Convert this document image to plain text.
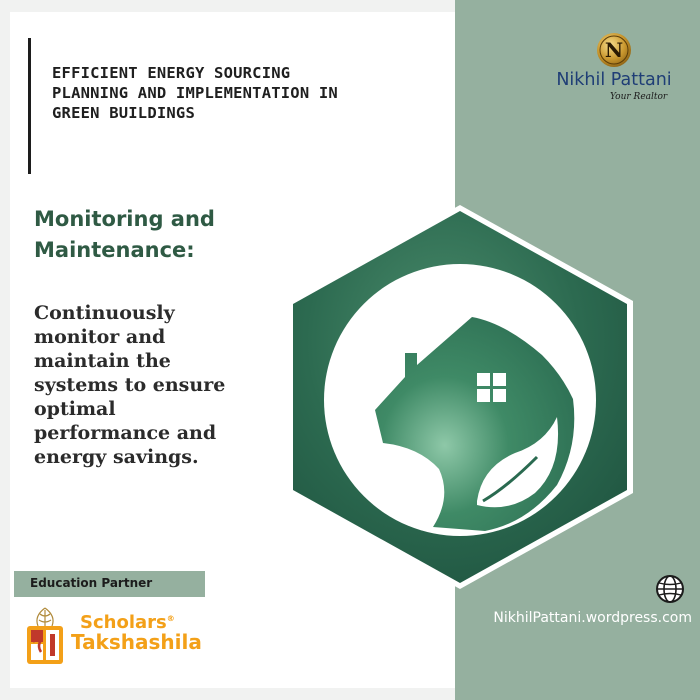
EFFICIENT ENERGY SOURCING
PLANNING AND IMPLEMENTATION IN
GREEN BUILDINGS
Monitoring and
Maintenance:
Continuously
monitor and
maintain the
systems to ensure
optimal
performance and
energy savings.
N
Nikhil Pattani
Your Realtor
NikhilPattani.wordpress.com
Education Partner
Scholars®
Takshashila
